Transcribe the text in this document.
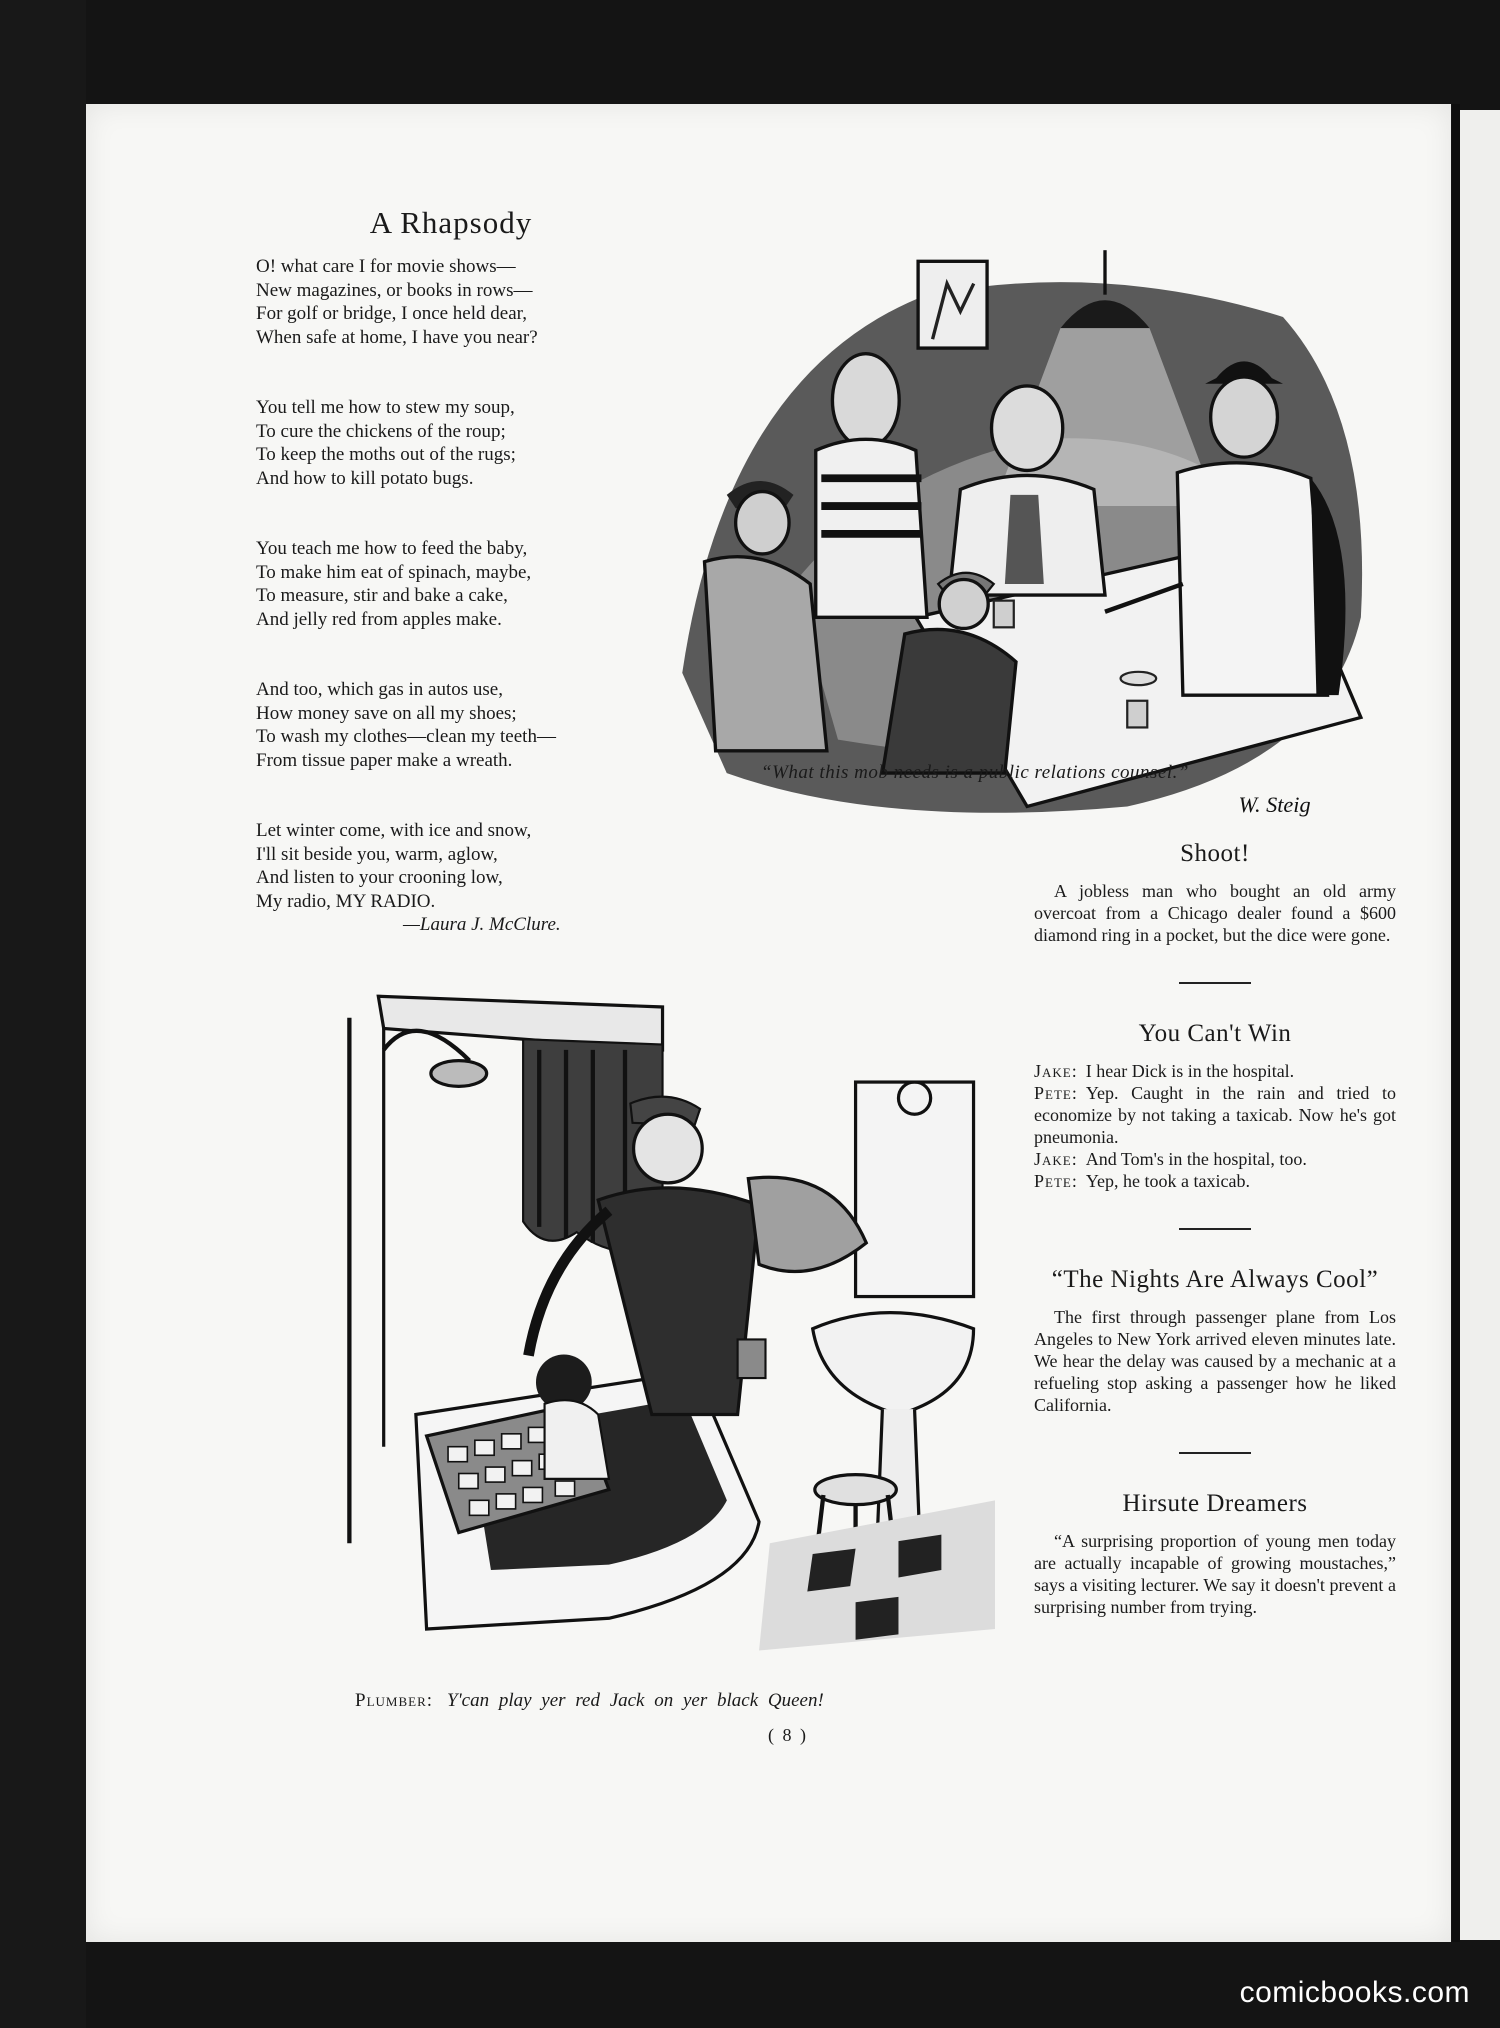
A Rhapsody
O! what care I for movie shows—
New magazines, or books in rows—
For golf or bridge, I once held dear,
When safe at home, I have you near?
You tell me how to stew my soup,
To cure the chickens of the roup;
To keep the moths out of the rugs;
And how to kill potato bugs.
You teach me how to feed the baby,
To make him eat of spinach, maybe,
To measure, stir and bake a cake,
And jelly red from apples make.
And too, which gas in autos use,
How money save on all my shoes;
To wash my clothes—clean my teeth—
From tissue paper make a wreath.
Let winter come, with ice and snow,
I'll sit beside you, warm, aglow,
And listen to your crooning low,
My radio, MY RADIO.
—Laura J. McClure.
W. Steig
“What this mob needs is a public relations counsel.”
Shoot!

A jobless man who bought an old army overcoat from a Chicago dealer found a $600 diamond ring in a pocket, but the dice were gone.

You Can't Win

Jake: I hear Dick is in the hospital.

Pete: Yep. Caught in the rain and tried to economize by not taking a taxicab. Now he's got pneumonia.

Jake: And Tom's in the hospital, too.

Pete: Yep, he took a taxicab.

“The Nights Are Always Cool”

The first through passenger plane from Los Angeles to New York arrived eleven minutes late. We hear the delay was caused by a mechanic at a refueling stop asking a passenger how he liked California.

Hirsute Dreamers

“A surprising proportion of young men today are actually incapable of growing moustaches,” says a visiting lecturer. We say it doesn't prevent a surprising number from trying.

Plumber: Y'can play yer red Jack on yer black Queen!
( 8 )
comicbooks.com
